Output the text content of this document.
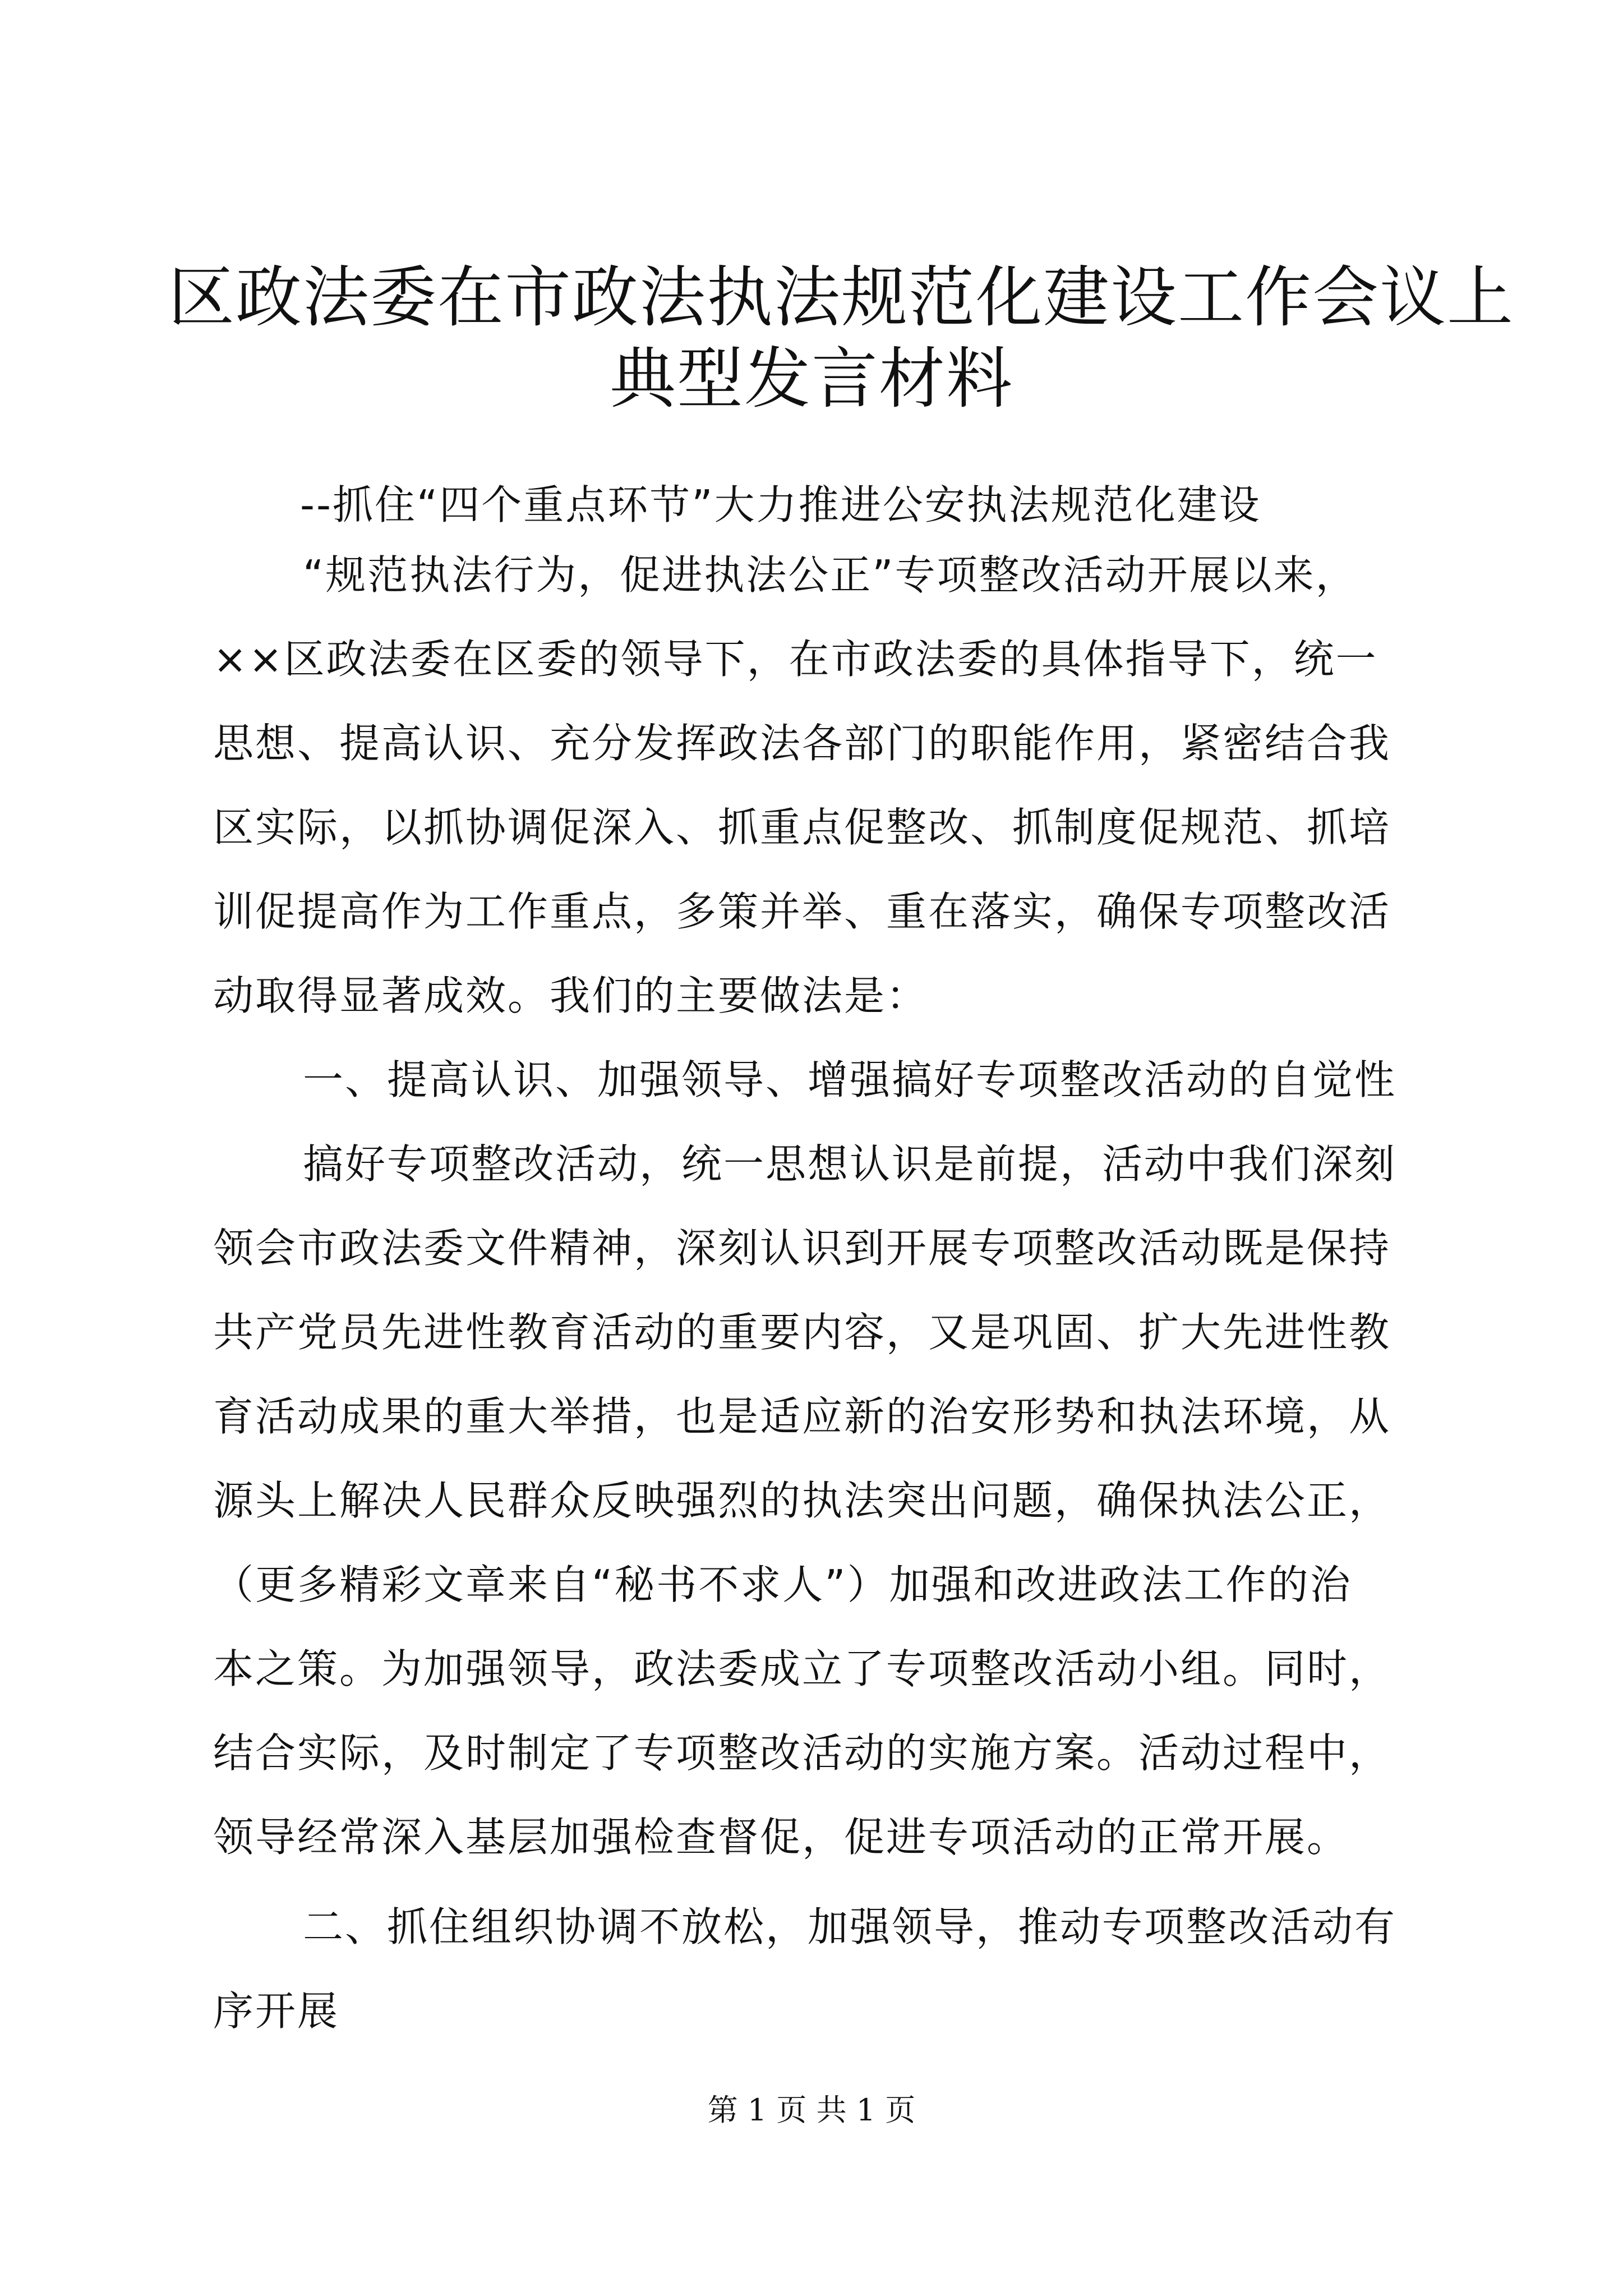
区政法委在市政法执法规范化建设工作会议上
典型发言材料
--抓住“四个重点环节”大力推进公安执法规范化建设
“规范执法行为，促进执法公正”专项整改活动开展以来，
××区政法委在区委的领导下，在市政法委的具体指导下，统一
思想、提高认识、充分发挥政法各部门的职能作用，紧密结合我
区实际，以抓协调促深入、抓重点促整改、抓制度促规范、抓培
训促提高作为工作重点，多策并举、重在落实，确保专项整改活
动取得显著成效。我们的主要做法是：
一、提高认识、加强领导、增强搞好专项整改活动的自觉性
搞好专项整改活动，统一思想认识是前提，活动中我们深刻
领会市政法委文件精神，深刻认识到开展专项整改活动既是保持
共产党员先进性教育活动的重要内容，又是巩固、扩大先进性教
育活动成果的重大举措，也是适应新的治安形势和执法环境，从
源头上解决人民群众反映强烈的执法突出问题，确保执法公正，
（更多精彩文章来自“秘书不求人”）加强和改进政法工作的治
本之策。为加强领导，政法委成立了专项整改活动小组。同时，
结合实际，及时制定了专项整改活动的实施方案。活动过程中，
领导经常深入基层加强检查督促，促进专项活动的正常开展。
二、抓住组织协调不放松，加强领导，推动专项整改活动有
序开展
第 1 页 共 1 页
